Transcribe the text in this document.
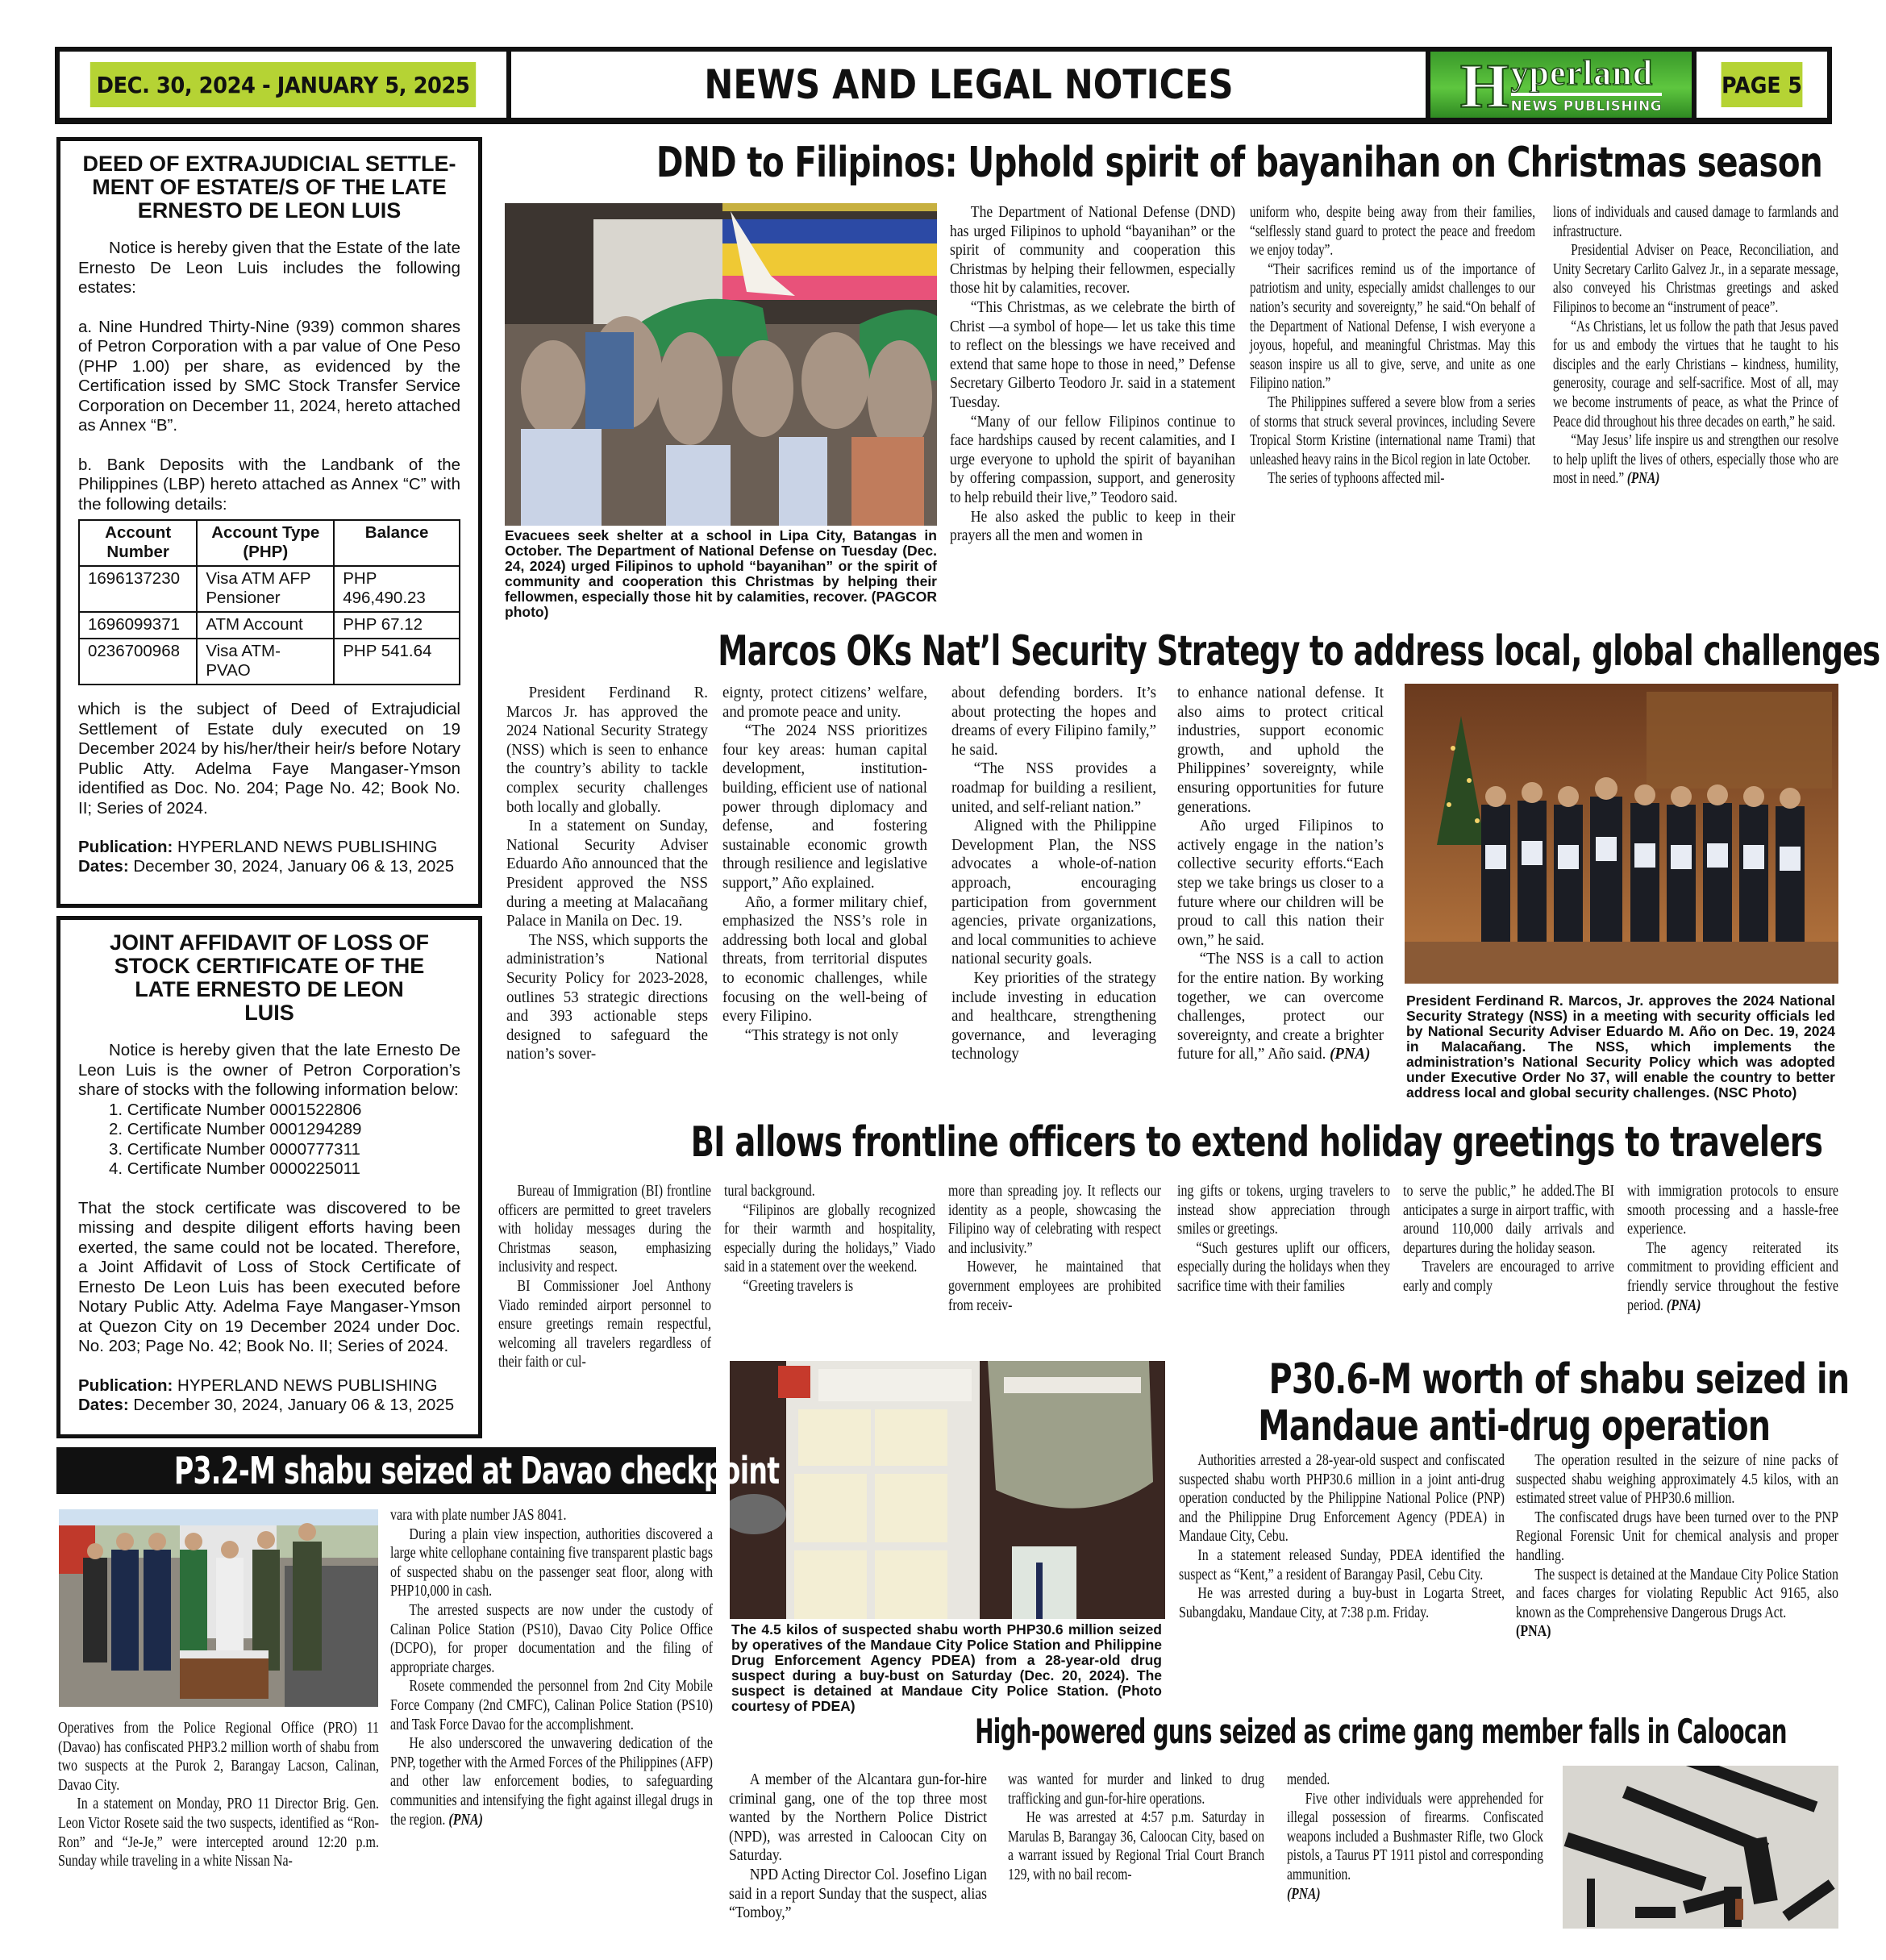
DEC. 30, 2024 - JANUARY 5, 2025	NEWS AND LEGAL NOTICES	H yperland
NEWS PUBLISHING
PAGE 5
DEED OF EXTRAJUDICIAL SETTLE-MENT OF ESTATE/S OF THE LATE ERNESTO DE LEON LUIS

Notice is hereby given that the Estate of the late Ernesto De Leon Luis includes the following estates:

a. Nine Hundred Thirty-Nine (939) common shares of Petron Corporation with a par value of One Peso (PHP 1.00) per share, as evidenced by the Certification issed by SMC Stock Transfer Service Corporation on December 11, 2024, hereto attached as Annex “B”.

b. Bank Deposits with the Landbank of the Philippines (LBP) hereto attached as Annex “C” with the following details:

Account Number	Account Type (PHP)	Balance
1696137230	Visa ATM AFP Pensioner	PHP 496,490.23
1696099371	ATM Account	PHP 67.12
0236700968	Visa ATM-PVAO	PHP 541.64

which is the subject of Deed of Extrajudicial Settlement of Estate duly executed on 19 December 2024 by his/her/their heir/s before Notary Public Atty. Adelma Faye Mangaser-Ymson identified as Doc. No. 204; Page No. 42; Book No. II; Series of 2024.

Publication: HYPERLAND NEWS PUBLISHING
Dates: December 30, 2024, January 06 & 13, 2025
JOINT AFFIDAVIT OF LOSS OF STOCK CERTIFICATE OF THE LATE ERNESTO DE LEON LUIS

Notice is hereby given that the late Ernesto De Leon Luis is the owner of Petron Corporation’s share of stocks with the following information below:

1. Certificate Number 0001522806
2. Certificate Number 0001294289
3. Certificate Number 0000777311
4. Certificate Number 0000225011

That the stock certificate was discovered to be missing and despite diligent efforts having been exerted, the same could not be located. Therefore, a Joint Affidavit of Loss of Stock Certificate of Ernesto De Leon Luis has been executed before Notary Public Atty. Adelma Faye Mangaser-Ymson at Quezon City on 19 December 2024 under Doc. No. 203; Page No. 42; Book No. II; Series of 2024.

Publication: HYPERLAND NEWS PUBLISHING
Dates: December 30, 2024, January 06 & 13, 2025
DND to Filipinos: Uphold spirit of bayanihan on Christmas season

Evacuees seek shelter at a school in Lipa City, Batangas in October. The Department of National Defense on Tuesday (Dec. 24, 2024) urged Filipinos to uphold “bayanihan” or the spirit of community and cooperation this Christmas by helping their fellowmen, especially those hit by calamities, recover. (PAGCOR photo)

The Department of National Defense (DND) has urged Filipinos to uphold “bayanihan” or the spirit of community and cooperation this Christmas by helping their fellowmen, especially those hit by calamities, recover.

“This Christmas, as we celebrate the birth of Christ —a symbol of hope— let us take this time to reflect on the blessings we have received and extend that same hope to those in need,” Defense Secretary Gilberto Teodoro Jr. said in a statement Tuesday.

“Many of our fellow Filipinos continue to face hardships caused by recent calamities, and I urge everyone to uphold the spirit of bayanihan by offering compassion, support, and generosity to help rebuild their live,” Teodoro said.

He also asked the public to keep in their prayers all the men and women in

uniform who, despite being away from their families, “selflessly stand guard to protect the peace and freedom we enjoy today”.

“Their sacrifices remind us of the importance of patriotism and unity, especially amidst challenges to our nation’s security and sovereignty,” he said.“On behalf of the Department of National Defense, I wish everyone a joyous, hopeful, and meaningful Christmas. May this season inspire us all to give, serve, and unite as one Filipino nation.”

The Philippines suffered a severe blow from a series of storms that struck several provinces, including Severe Tropical Storm Kristine (international name Trami) that unleashed heavy rains in the Bicol region in late October.

The series of typhoons affected mil-

lions of individuals and caused damage to farmlands and infrastructure.

Presidential Adviser on Peace, Reconciliation, and Unity Secretary Carlito Galvez Jr., in a separate message, also conveyed his Christmas greetings and asked Filipinos to become an “instrument of peace”.

“As Christians, let us follow the path that Jesus paved for us and embody the virtues that he taught to his disciples and the early Christians – kindness, humility, generosity, courage and self-sacrifice. Most of all, may we become instruments of peace, as what the Prince of Peace did throughout his three decades on earth,” he said.

“May Jesus’ life inspire us and strengthen our resolve to help uplift the lives of others, especially those who are most in need.” (PNA)

Marcos OKs Nat’l Security Strategy to address local, global challenges

President Ferdinand R. Marcos Jr. has approved the 2024 National Security Strategy (NSS) which is seen to enhance the country’s ability to tackle complex security challenges both locally and globally.

In a statement on Sunday, National Security Adviser Eduardo Año announced that the President approved the NSS during a meeting at Malacañang Palace in Manila on Dec. 19.

The NSS, which supports the administration’s National Security Policy for 2023-2028, outlines 53 strategic directions and 393 actionable steps designed to safeguard the nation’s sover-

eignty, protect citizens’ welfare, and promote peace and unity.

“The 2024 NSS prioritizes four key areas: human capital development, institution-building, efficient use of national power through diplomacy and defense, and fostering sustainable economic growth through resilience and legislative support,” Año explained.

Año, a former military chief, emphasized the NSS’s role in addressing both local and global threats, from territorial disputes to economic challenges, while focusing on the well-being of every Filipino.

“This strategy is not only

about defending borders. It’s about protecting the hopes and dreams of every Filipino family,” he said.

“The NSS provides a roadmap for building a resilient, united, and self-reliant nation.”

Aligned with the Philippine Development Plan, the NSS advocates a whole-of-nation approach, encouraging participation from government agencies, private organizations, and local communities to achieve national security goals.

Key priorities of the strategy include investing in education and healthcare, strengthening governance, and leveraging technology

to enhance national defense. It also aims to protect critical industries, support economic growth, and uphold the Philippines’ sovereignty, while ensuring opportunities for future generations.

Año urged Filipinos to actively engage in the nation’s collective security efforts.“Each step we take brings us closer to a future where our children will be proud to call this nation their own,” he said.

“The NSS is a call to action for the entire nation. By working together, we can overcome challenges, protect our sovereignty, and create a brighter future for all,” Año said. (PNA)

President Ferdinand R. Marcos, Jr. approves the 2024 National Security Strategy (NSS) in a meeting with security officials led by National Security Adviser Eduardo M. Año on Dec. 19, 2024 in Malacañang. The NSS, which implements the administration’s National Security Policy which was adopted under Executive Order No 37, will enable the country to better address local and global security challenges. (NSC Photo)

BI allows frontline officers to extend holiday greetings to travelers

Bureau of Immigration (BI) frontline officers are permitted to greet travelers with holiday messages during the Christmas season, emphasizing inclusivity and respect.

BI Commissioner Joel Anthony Viado reminded airport personnel to ensure greetings remain respectful, welcoming all travelers regardless of their faith or cul-

tural background.

“Filipinos are globally recognized for their warmth and hospitality, especially during the holidays,” Viado said in a statement over the weekend.

“Greeting travelers is

more than spreading joy. It reflects our identity as a people, showcasing the Filipino way of celebrating with respect and inclusivity.”

However, he maintained that government employees are prohibited from receiv-

ing gifts or tokens, urging travelers to instead show appreciation through smiles or greetings.

“Such gestures uplift our officers, especially during the holidays when they sacrifice time with their families

to serve the public,” he added.The BI anticipates a surge in airport traffic, with around 110,000 daily arrivals and departures during the holiday season.

Travelers are encouraged to arrive early and comply

with immigration protocols to ensure smooth processing and a hassle-free experience.

The agency reiterated its commitment to providing efficient and friendly service throughout the festive period. (PNA)

The 4.5 kilos of suspected shabu worth PHP30.6 million seized by operatives of the Mandaue City Police Station and Philippine Drug Enforcement Agency PDEA) from a 28-year-old drug suspect during a buy-bust on Saturday (Dec. 20, 2024). The suspect is detained at Mandaue City Police Station. (Photo courtesy of PDEA)

P30.6-M worth of shabu seized in
Mandaue anti-drug operation

Authorities arrested a 28-year-old suspect and confiscated suspected shabu worth PHP30.6 million in a joint anti-drug operation conducted by the Philippine National Police (PNP) and the Philippine Drug Enforcement Agency (PDEA) in Mandaue City, Cebu.

In a statement released Sunday, PDEA identified the suspect as “Kent,” a resident of Barangay Pasil, Cebu City.

He was arrested during a buy-bust in Logarta Street, Subangdaku, Mandaue City, at 7:38 p.m. Friday.

The operation resulted in the seizure of nine packs of suspected shabu weighing approximately 4.5 kilos, with an estimated street value of PHP30.6 million.

The confiscated drugs have been turned over to the PNP Regional Forensic Unit for chemical analysis and proper handling.

The suspect is detained at the Mandaue City Police Station and faces charges for violating Republic Act 9165, also known as the Comprehensive Dangerous Drugs Act.
(PNA)

P3.2-M shabu seized at Davao checkpoint

Operatives from the Police Regional Office (PRO) 11 (Davao) has confiscated PHP3.2 million worth of shabu from two suspects at the Purok 2, Barangay Lacson, Calinan, Davao City.

In a statement on Monday, PRO 11 Director Brig. Gen. Leon Victor Rosete said the two suspects, identified as “Ron-Ron” and “Je-Je,” were intercepted around 12:20 p.m. Sunday while traveling in a white Nissan Na-

vara with plate number JAS 8041.

During a plain view inspection, authorities discovered a large white cellophane containing five transparent plastic bags of suspected shabu on the passenger seat floor, along with PHP10,000 in cash.

The arrested suspects are now under the custody of Calinan Police Station (PS10), Davao City Police Office (DCPO), for proper documentation and the filing of appropriate charges.

Rosete commended the personnel from 2nd City Mobile Force Company (2nd CMFC), Calinan Police Station (PS10) and Task Force Davao for the accomplishment.

He also underscored the unwavering dedication of the PNP, together with the Armed Forces of the Philippines (AFP) and other law enforcement bodies, to safeguarding communities and intensifying the fight against illegal drugs in the region. (PNA)

High-powered guns seized as crime gang member falls in Caloocan

A member of the Alcantara gun-for-hire criminal gang, one of the top three most wanted by the Northern Police District (NPD), was arrested in Caloocan City on Saturday.

NPD Acting Director Col. Josefino Ligan said in a report Sunday that the suspect, alias “Tomboy,”

was wanted for murder and linked to drug trafficking and gun-for-hire operations.

He was arrested at 4:57 p.m. Saturday in Marulas B, Barangay 36, Caloocan City, based on a warrant issued by Regional Trial Court Branch 129, with no bail recom-

mended.

Five other individuals were apprehended for illegal possession of firearms. Confiscated weapons included a Bushmaster Rifle, two Glock pistols, a Taurus PT 1911 pistol and corresponding ammunition.
(PNA)
